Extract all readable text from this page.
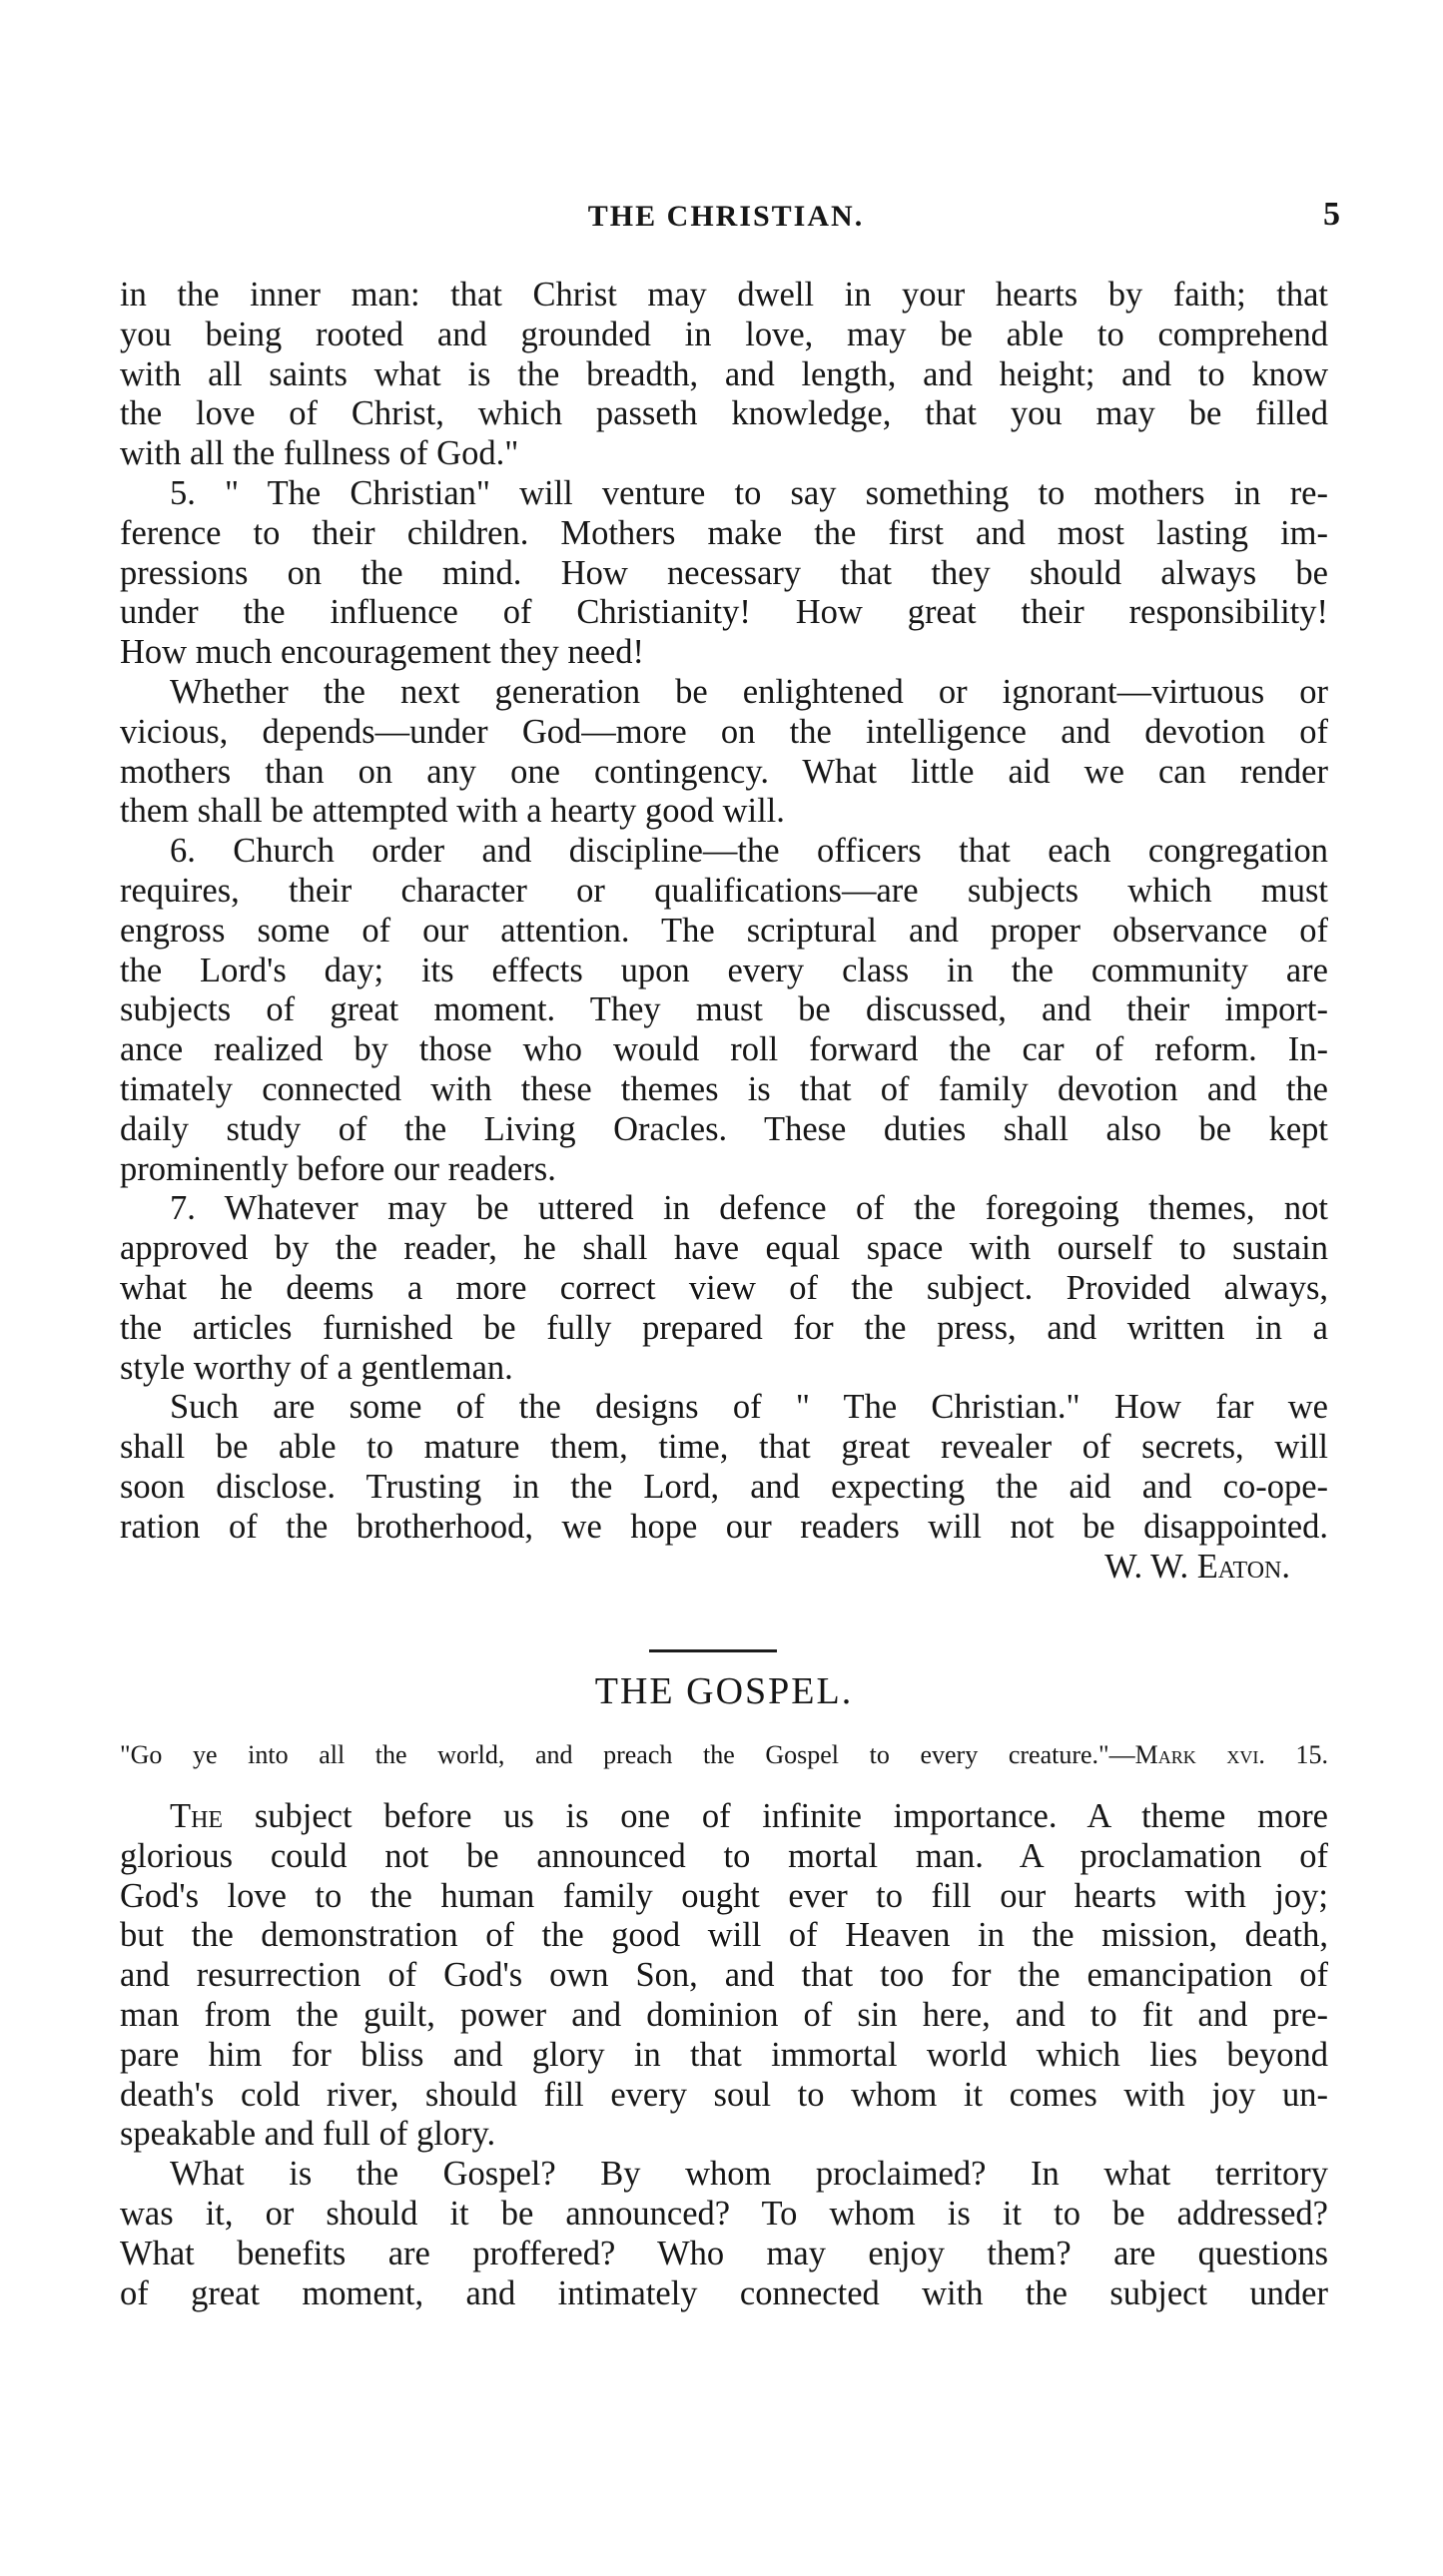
THE CHRISTIAN.	5
in the inner man: that Christ may dwell in your hearts by faith; that
you being rooted and grounded in love, may be able to comprehend
with all saints what is the breadth, and length, and height; and to know
the love of Christ, which passeth knowledge, that you may be filled
with all the fullness of God."
5. " The Christian" will venture to say something to mothers in re-
ference to their children. Mothers make the first and most lasting im-
pressions on the mind. How necessary that they should always be
under the influence of Christianity! How great their responsibility!
How much encouragement they need!
Whether the next generation be enlightened or ignorant—virtuous or
vicious, depends—under God—more on the intelligence and devotion of
mothers than on any one contingency. What little aid we can render
them shall be attempted with a hearty good will.
6. Church order and discipline—the officers that each congregation
requires, their character or qualifications—are subjects which must
engross some of our attention. The scriptural and proper observance of
the Lord's day; its effects upon every class in the community are
subjects of great moment. They must be discussed, and their import-
ance realized by those who would roll forward the car of reform. In-
timately connected with these themes is that of family devotion and the
daily study of the Living Oracles. These duties shall also be kept
prominently before our readers.
7. Whatever may be uttered in defence of the foregoing themes, not
approved by the reader, he shall have equal space with ourself to sustain
what he deems a more correct view of the subject. Provided always,
the articles furnished be fully prepared for the press, and written in a
style worthy of a gentleman.
Such are some of the designs of " The Christian." How far we
shall be able to mature them, time, that great revealer of secrets, will
soon disclose. Trusting in the Lord, and expecting the aid and co-ope-
ration of the brotherhood, we hope our readers will not be disappointed.
W. W. Eaton.
THE GOSPEL.
"Go ye into all the world, and preach the Gospel to every creature."—Mark xvi. 15.
The subject before us is one of infinite importance. A theme more
glorious could not be announced to mortal man. A proclamation of
God's love to the human family ought ever to fill our hearts with joy;
but the demonstration of the good will of Heaven in the mission, death,
and resurrection of God's own Son, and that too for the emancipation of
man from the guilt, power and dominion of sin here, and to fit and pre-
pare him for bliss and glory in that immortal world which lies beyond
death's cold river, should fill every soul to whom it comes with joy un-
speakable and full of glory.
What is the Gospel? By whom proclaimed? In what territory
was it, or should it be announced? To whom is it to be addressed?
What benefits are proffered? Who may enjoy them? are questions
of great moment, and intimately connected with the subject under
